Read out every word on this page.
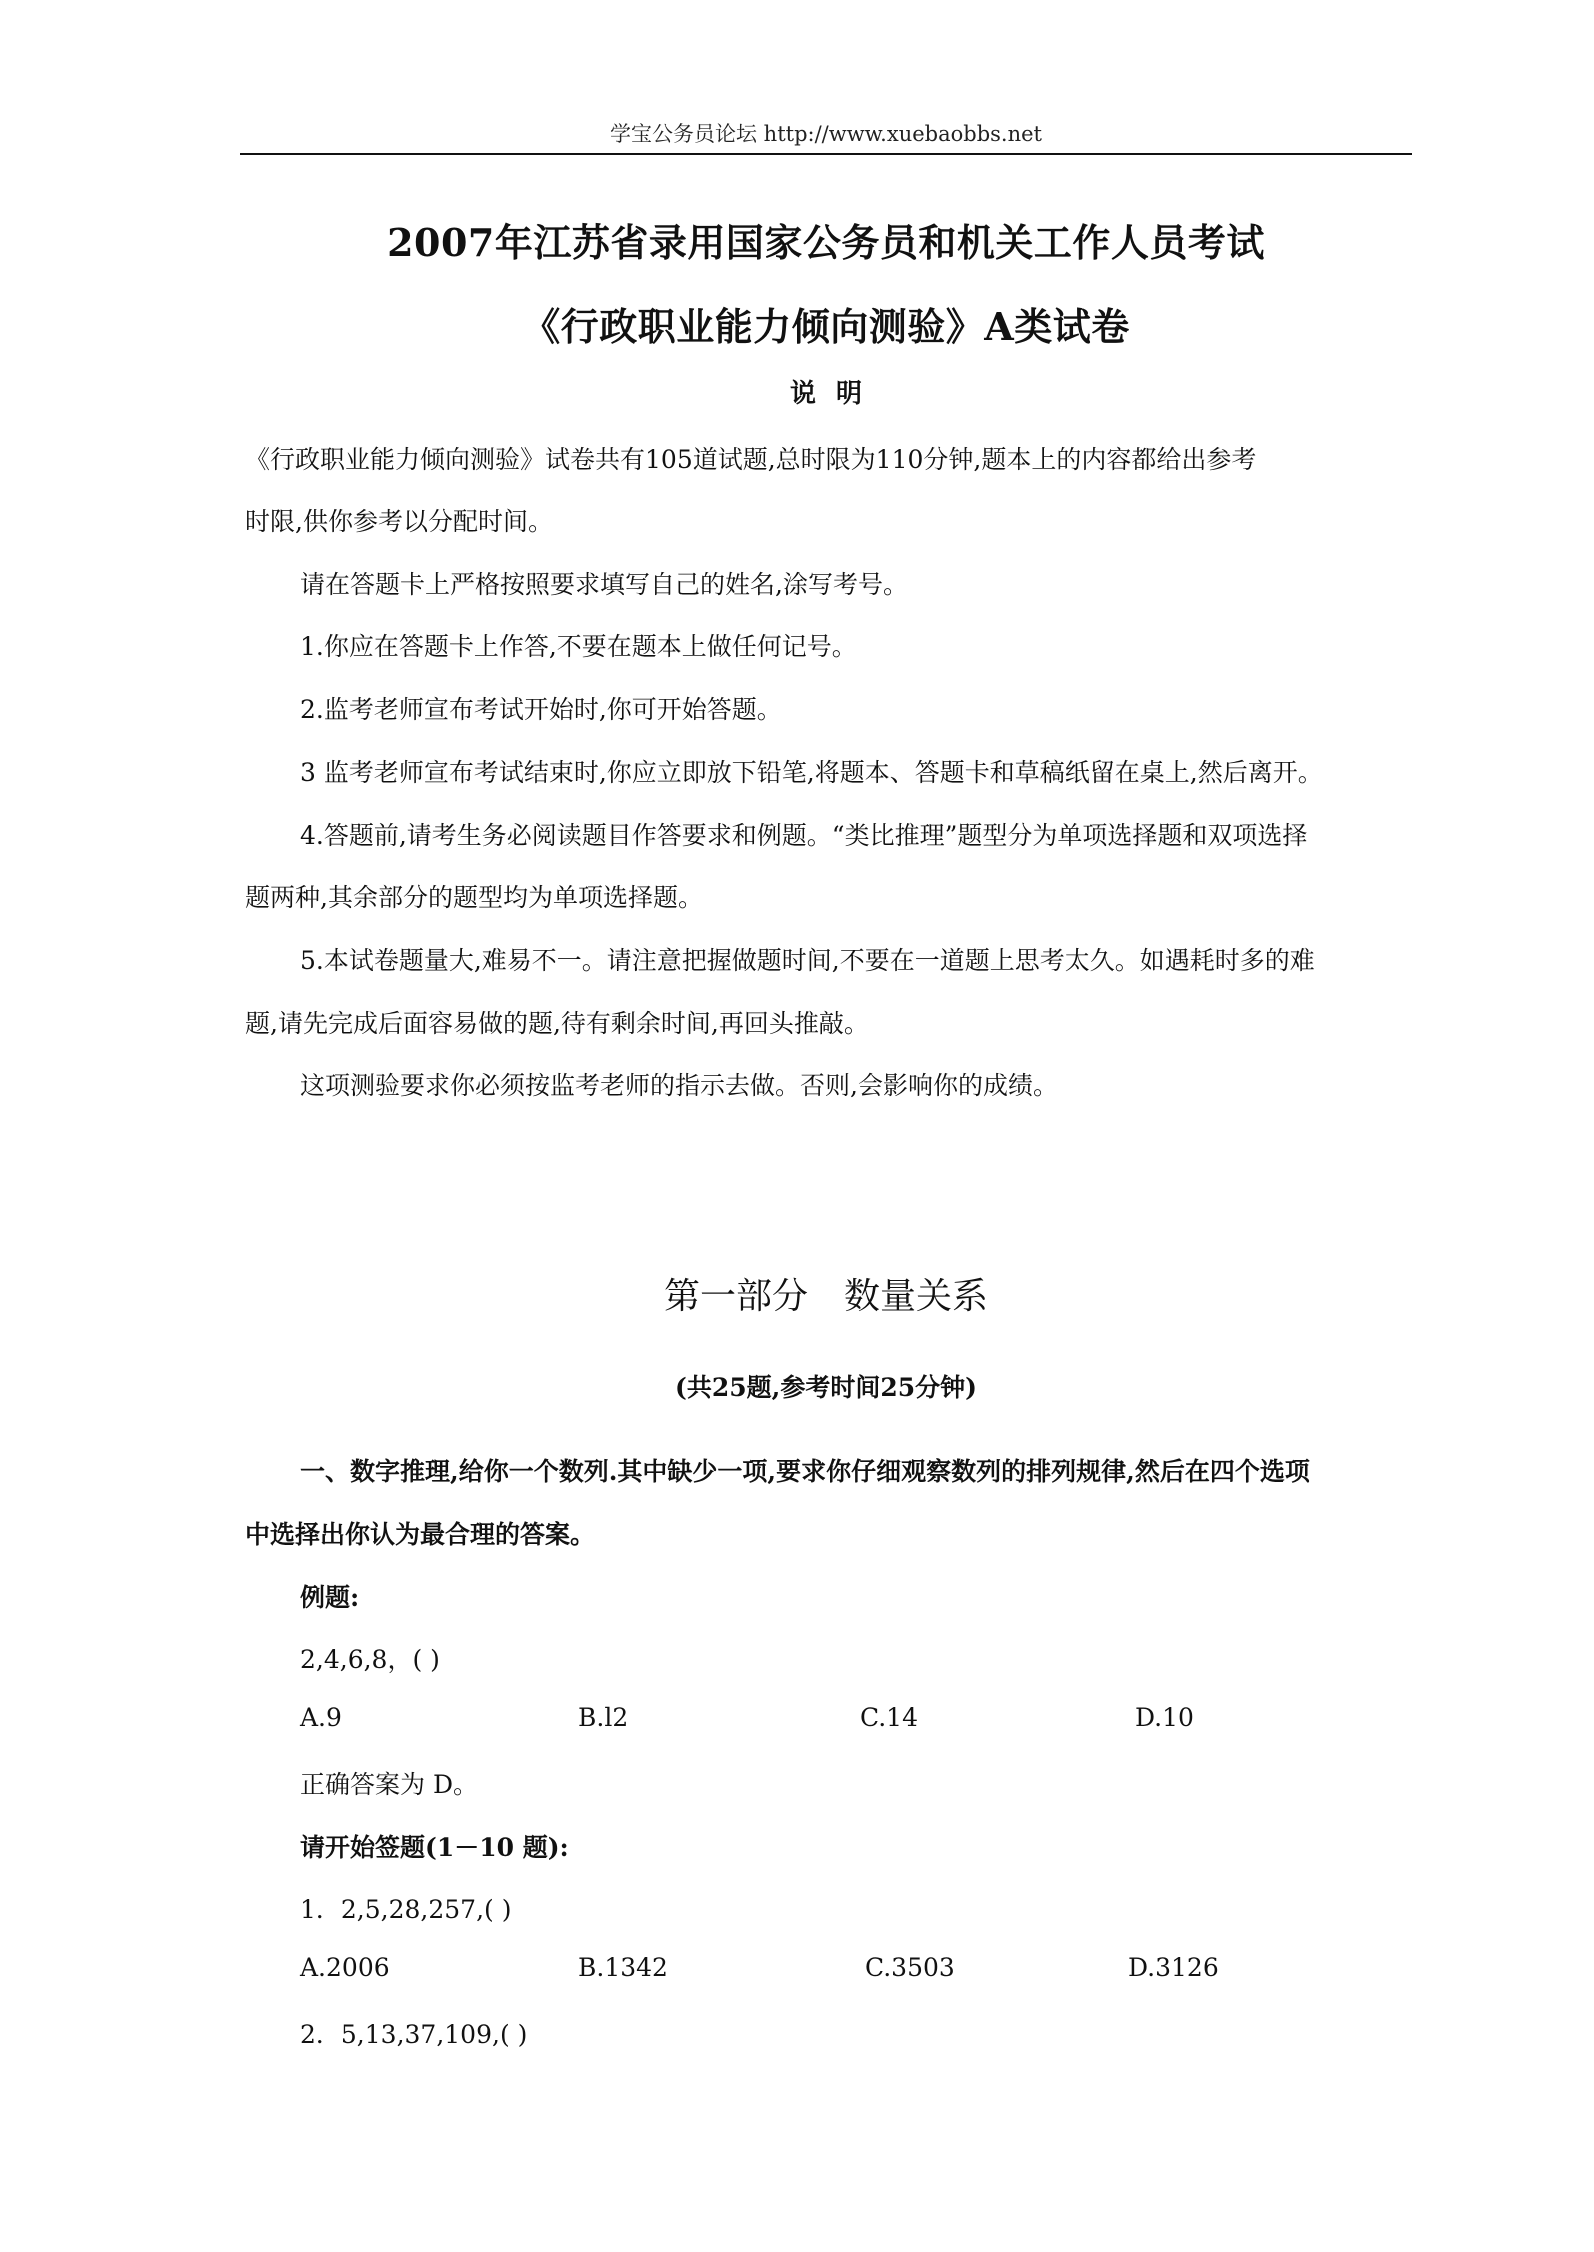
学宝公务员论坛 http://www.xuebaobbs.net
2007年江苏省录用国家公务员和机关工作人员考试
《行政职业能力倾向测验》A类试卷
说明
《行政职业能力倾向测验》试卷共有105道试题,总时限为110分钟,题本上的内容都给出参考
时限,供你参考以分配时间。
请在答题卡上严格按照要求填写自己的姓名,涂写考号。
1.你应在答题卡上作答,不要在题本上做任何记号。
2.监考老师宣布考试开始时,你可开始答题。
3 监考老师宣布考试结束时,你应立即放下铅笔,将题本、答题卡和草稿纸留在桌上,然后离开。
4.答题前,请考生务必阅读题目作答要求和例题。“类比推理”题型分为单项选择题和双项选择
题两种,其余部分的题型均为单项选择题。
5.本试卷题量大,难易不一。请注意把握做题时间,不要在一道题上思考太久。如遇耗时多的难
题,请先完成后面容易做的题,待有剩余时间,再回头推敲。
这项测验要求你必须按监考老师的指示去做。否则,会影响你的成绩。
第一部分 数量关系
(共25题,参考时间25分钟)
一、数字推理,给你一个数列.其中缺少一项,要求你仔细观察数列的排列规律,然后在四个选项
中选择出你认为最合理的答案。
例题:
2,4,6,8，( )
A.9	B.l2	C.14	D.10
正确答案为 D。
请开始签题(1－10 题):
1．2,5,28,257,( )
A.2006	B.1342	C.3503	D.3126
2．5,13,37,109,( )
